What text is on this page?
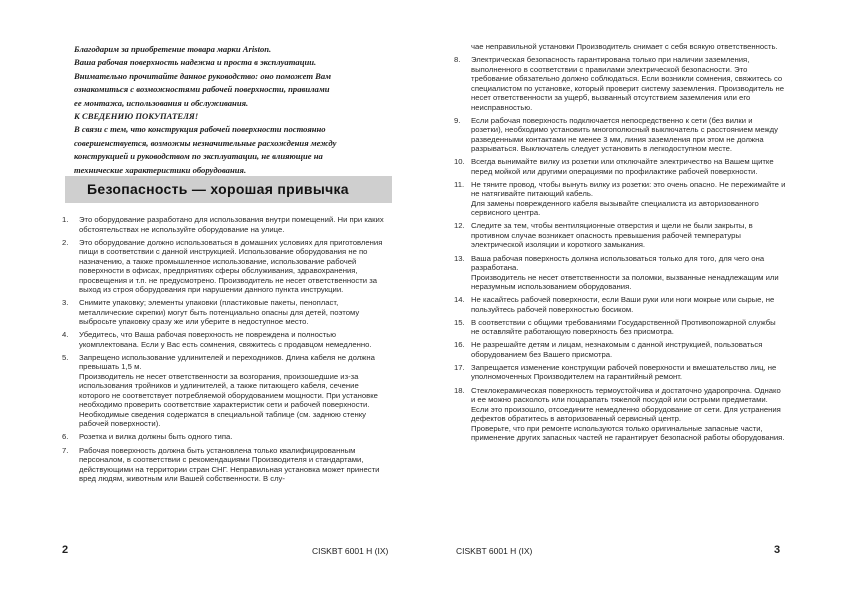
Благодарим за приобретение товара марки Ariston.

Ваша рабочая поверхность надежна и проста в эксплуатации.

Внимательно прочитайте данное руководство: оно поможет Вам

ознакомиться с возможностями рабочей поверхности, правилами

ее монтажа, использования и обслуживания.

К СВЕДЕНИЮ ПОКУПАТЕЛЯ!

В связи с тем, что конструкция рабочей поверхности постоянно

совершенствуется, возможны незначительные расхождения между

конструкцией и руководством по эксплуатации, не влияющие на

технические характеристики оборудования.

Безопасность — хорошая привычка
1. Это оборудование разработано для использования внутри помещений. Ни при каких обстоятельствах не используйте оборудование на улице.
2. Это оборудование должно использоваться в домашних условиях для приготовления пищи в соответствии с данной инструкцией. Использование оборудования не по назначению, а также промышленное использование, использование рабочей поверхности в офисах, предприятиях сферы обслуживания, здравохранения, просвещения и т.п. не предусмотрено. Производитель не несет ответственности за выход из строя оборудования при нарушении данного пункта инструкции.
3. Снимите упаковку; элементы упаковки (пластиковые пакеты, пенопласт, металлические скрепки) могут быть потенциально опасны для детей, поэтому выбросьте упаковку сразу же или уберите в недоступное место.
4. Убедитесь, что Ваша рабочая поверхность не повреждена и полностью укомплектована. Если у Вас есть сомнения, свяжитесь с продавцом немедленно.
5. Запрещено использование удлинителей и переходников. Длина кабеля не должна превышать 1,5 м.
Производитель не несет ответственности за возгорания, произошедшие из-за использования тройников и удлинителей, а также питающего кабеля, сечение которого не соответствует потребляемой оборудованием мощности. При установке необходимо проверить соответствие характеристик сети и рабочей поверхности. Необходимые сведения содержатся в специальной таблице (см. заднюю стенку рабочей поверхности).
6. Розетка и вилка должны быть одного типа.
7. Рабочая поверхность должна быть установлена только квалифицированным персоналом, в соответствии с рекомендациями Производителя и стандартами, действующими на территории стран СНГ. Неправильная установка может принести вред людям, животным или Вашей собственности. В слу-
2	CISKBT 6001 H (IX)
чае неправильной установки Производитель снимает с себя всякую ответственность.
8. Электрическая безопасность гарантирована только при наличии заземления, выполненного в соответствии с правилами электрической безопасности. Это требование обязательно должно соблюдаться. Если возникли сомнения, свяжитесь со специалистом по установке, который проверит систему заземления. Производитель не несет ответственности за ущерб, вызванный отсутствием заземления или его неисправностью.
9. Если рабочая поверхность подключается непосредственно к сети (без вилки и розетки), необходимо установить многополюсный выключатель с расстоянием между разведенными контактами не менее 3 мм, линия заземления при этом не должна разрываться. Выключатель следует установить в легкодоступном месте.
10. Всегда вынимайте вилку из розетки или отключайте электричество на Вашем щитке перед мойкой или другими операциями по профилактике рабочей поверхности.
11. Не тяните провод, чтобы вынуть вилку из розетки: это очень опасно. Не пережимайте и не натягивайте питающий кабель.
Для замены поврежденного кабеля вызывайте специалиста из авторизованного сервисного центра.
12. Следите за тем, чтобы вентиляционные отверстия и щели не были закрыты, в противном случае возникает опасность превышения рабочей температуры электрической изоляции и короткого замыкания.
13. Ваша рабочая поверхность должна использоваться только для того, для чего она разработана.
Производитель не несет ответственности за поломки, вызванные ненадлежащим или неразумным использованием оборудования.
14. Не касайтесь рабочей поверхности, если Ваши руки или ноги мокрые или сырые, не пользуйтесь рабочей поверхностью босиком.
15. В соответствии с общими требованиями Государственной Противопожарной службы не оставляйте работающую поверхность без присмотра.
16. Не разрешайте детям и лицам, незнакомым с данной инструкцией, пользоваться оборудованием без Вашего присмотра.
17. Запрещается изменение конструкции рабочей поверхности и вмешательство лиц, не уполномоченных Производителем на гарантийный ремонт.
18. Стеклокерамическая поверхность термоустойчива и достаточно ударопрочна. Однако и ее можно расколоть или поцарапать тяжелой посудой или острыми предметами. Если это произошло, отсоедините немедленно оборудование от сети. Для устранения дефектов обратитесь в авторизованный сервисный центр.
Проверьте, что при ремонте используются только оригинальные запасные части, применение других запасных частей не гарантирует безопасной работы оборудования.
CISKBT 6001 H (IX)	3
